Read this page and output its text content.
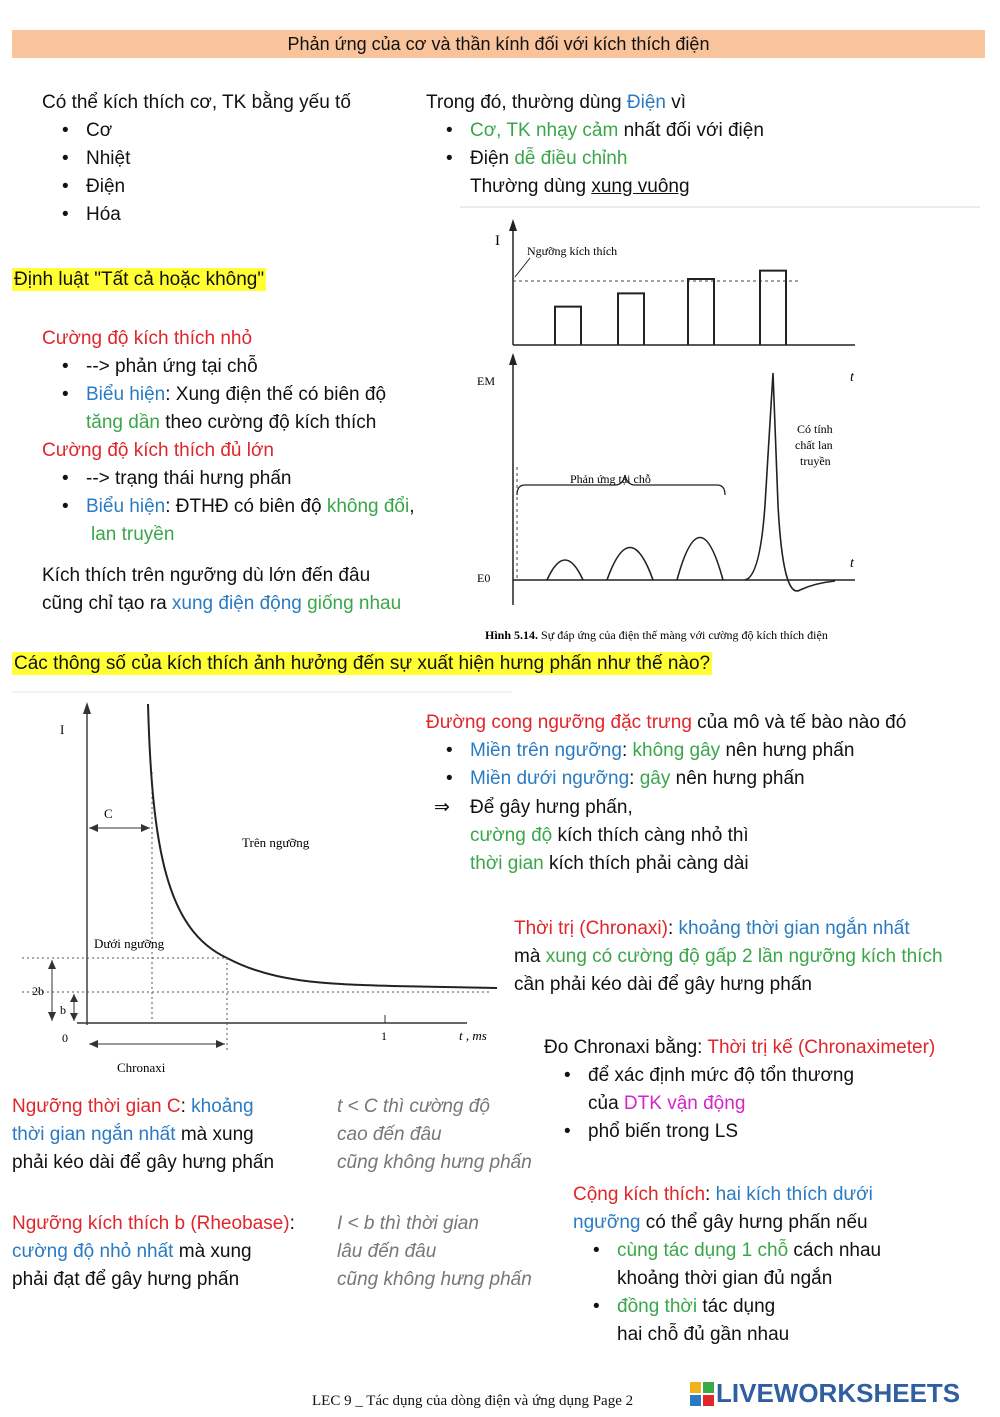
Phản ứng của cơ và thần kính đối với kích thích điện
Có thể kích thích cơ, TK bằng yếu tố
• Cơ
• Nhiệt
• Điện
• Hóa
Trong đó, thường dùng Điện vì
• Cơ, TK nhạy cảm nhất đối với điện
• Điện dễ điều chỉnh
Thường dùng xung vuông
Định luật "Tất cả hoặc không"
Cường độ kích thích nhỏ
• --> phản ứng tại chỗ
• Biểu hiện: Xung điện thế có biên độ
tăng dần theo cường độ kích thích
Cường độ kích thích đủ lớn
• --> trạng thái hưng phấn
• Biểu hiện: ĐTHĐ có biên độ không đổi,
lan truyền
Kích thích trên ngưỡng dù lớn đến đâu
cũng chỉ tạo ra xung điện động giống nhau
I
Ngưỡng kích thích
t
EM
E0
t
Phản ứng tại chỗ
Có tính
chất lan
truyền
Hình 5.14. Sự đáp ứng của điện thế màng với cường độ kích thích điện
Các thông số của kích thích ảnh hưởng đến sự xuất hiện hưng phấn như thế nào?
I
C
Trên ngưỡng
Dưới ngưỡng
2b
b
0	1	t , ms
Chronaxi
Đường cong ngưỡng đặc trưng của mô và tế bào nào đó
• Miền trên ngưỡng: không gây nên hưng phấn
• Miền dưới ngưỡng: gây nên hưng phấn
⇒ Để gây hưng phấn,
cường độ kích thích càng nhỏ thì
thời gian kích thích phải càng dài
Thời trị (Chronaxi): khoảng thời gian ngắn nhất
mà xung có cường độ gấp 2 lần ngưỡng kích thích
cần phải kéo dài để gây hưng phấn
Đo Chronaxi bằng: Thời trị kế (Chronaximeter)
• để xác định mức độ tổn thương
của DTK vận động
• phổ biến trong LS
Ngưỡng thời gian C: khoảng
thời gian ngắn nhất mà xung
phải kéo dài để gây hưng phấn
t < C thì cường độ
cao đến đâu
cũng không hưng phấn
Ngưỡng kích thích b (Rheobase):
cường độ nhỏ nhất mà xung
phải đạt để gây hưng phấn
I < b thì thời gian
lâu đến đâu
cũng không hưng phấn
Cộng kích thích: hai kích thích dưới
ngưỡng có thể gây hưng phấn nếu
• cùng tác dụng 1 chỗ cách nhau
khoảng thời gian đủ ngắn
• đồng thời tác dụng
hai chỗ đủ gần nhau
LEC 9 _ Tác dụng của dòng điện và ứng dụng Page 2	LIVEWORKSHEETS
